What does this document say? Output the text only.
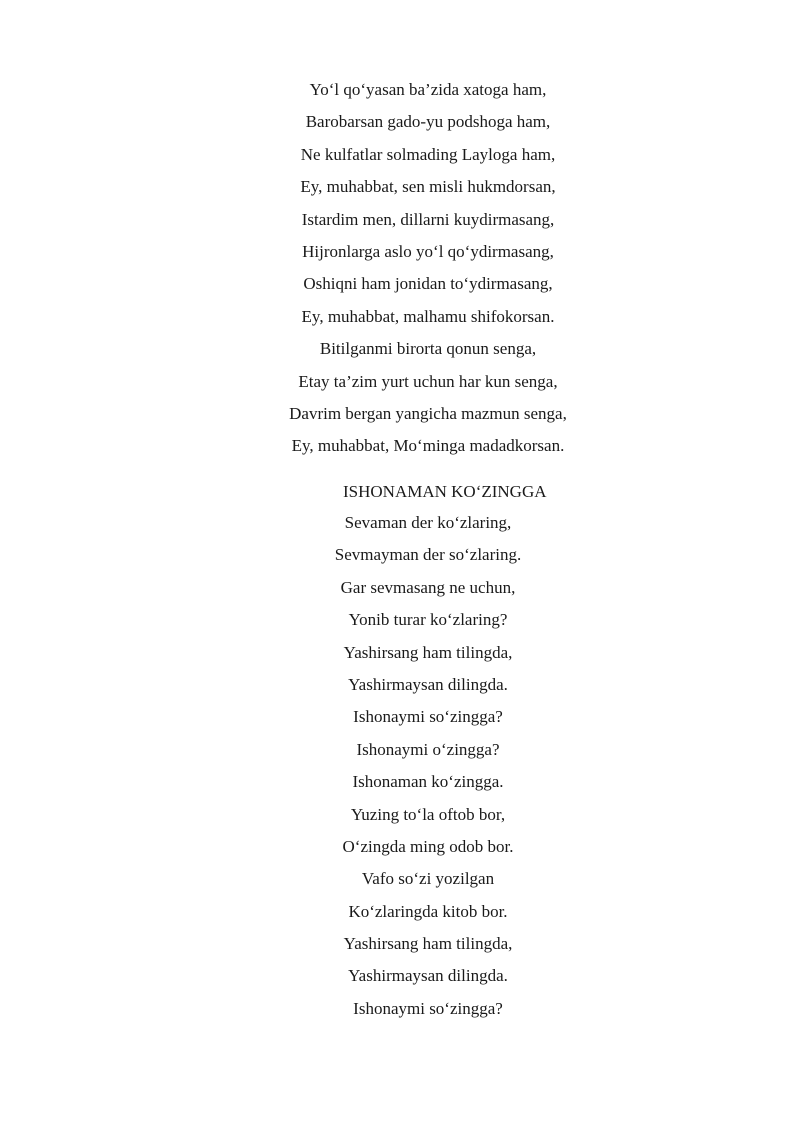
Yo‘l qo‘yasan ba’zida xatoga ham,
Barobarsan gado-yu podshoga ham,
Ne kulfatlar solmading Layloga ham,
Ey, muhabbat, sen misli hukmdorsan,
Istardim men, dillarni kuydirmasang,
Hijronlarga aslo yo‘l qo‘ydirmasang,
Oshiqni ham jonidan to‘ydirmasang,
Ey, muhabbat, malhamu shifokorsan.
Bitilganmi birorta qonun senga,
Etay ta’zim yurt uchun har kun senga,
Davrim bergan yangicha mazmun senga,
Ey, muhabbat, Mo‘minga madadkorsan.
ISHONAMAN KO‘ZINGGA
Sevaman der ko‘zlaring,
Sevmayman der so‘zlaring.
Gar sevmasang ne uchun,
Yonib turar ko‘zlaring?
Yashirsang ham tilingda,
Yashirmaysan dilingda.
Ishonaymi so‘zingga?
Ishonaymi o‘zingga?
Ishonaman ko‘zingga.
Yuzing to‘la oftob bor,
O‘zingda ming odob bor.
Vafo so‘zi yozilgan
Ko‘zlaringda kitob bor.
Yashirsang ham tilingda,
Yashirmaysan dilingda.
Ishonaymi so‘zingga?
